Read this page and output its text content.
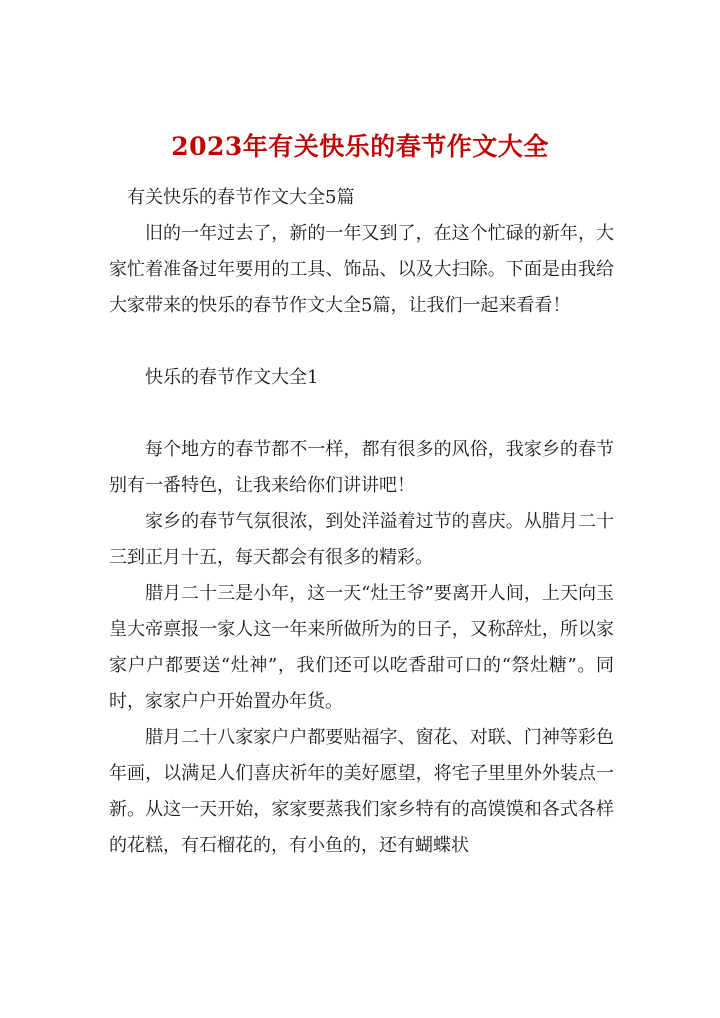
2023年有关快乐的春节作文大全

有关快乐的春节作文大全5篇

旧的一年过去了，新的一年又到了，在这个忙碌的新年，大家忙着准备过年要用的工具、饰品、以及大扫除。下面是由我给大家带来的快乐的春节作文大全5篇，让我们一起来看看！

快乐的春节作文大全1

每个地方的春节都不一样，都有很多的风俗，我家乡的春节别有一番特色，让我来给你们讲讲吧！

家乡的春节气氛很浓，到处洋溢着过节的喜庆。从腊月二十三到正月十五，每天都会有很多的精彩。

腊月二十三是小年，这一天“灶王爷”要离开人间，上天向玉皇大帝禀报一家人这一年来所做所为的日子，又称辞灶，所以家家户户都要送“灶神”，我们还可以吃香甜可口的“祭灶糖”。同时，家家户户开始置办年货。

腊月二十八家家户户都要贴福字、窗花、对联、门神等彩色年画，以满足人们喜庆祈年的美好愿望，将宅子里里外外装点一新。从这一天开始，家家要蒸我们家乡特有的高馍馍和各式各样的花糕，有石榴花的，有小鱼的，还有蝴蝶状
